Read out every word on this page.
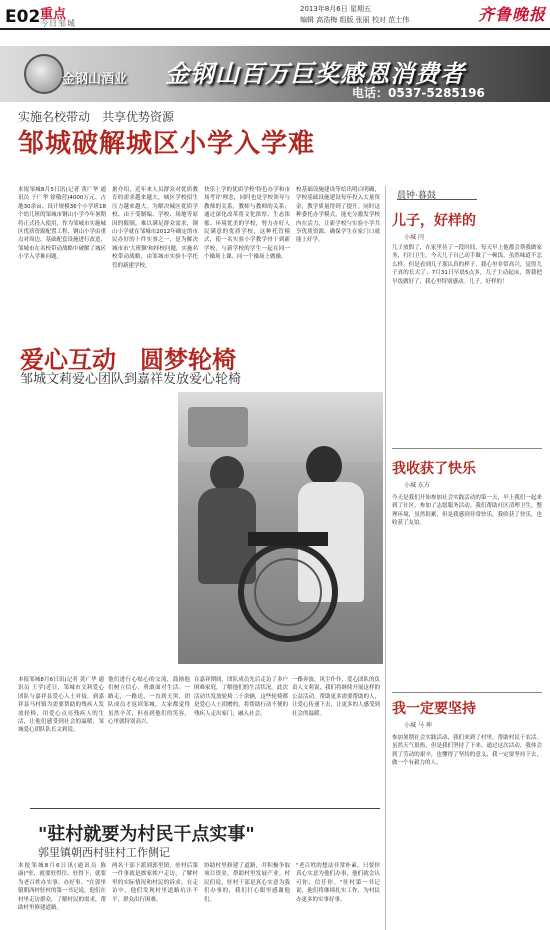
E02 重点
今日邹城
2013年8月6日 星期五
编辑 高浩梅 组版 张丽 校对 范士伟	齐鲁晚报
金钢山酒业 金钢山百万巨奖感恩消费者
电话：0537-5285196
实施名校带动　共享优势资源
邹城破解城区小学入学难
本报邹城8月5日讯(记者 黄广华 通讯员 于广华 徐敬营)4000万元、占地30余亩、设计规模36个小学班18个幼儿班的邹城市钢山小学今年暑期将正式投入使用，作为邹城市实施城区优质资源配置工程，钢山小学由重点对周边、基础配套设施进行改造，邹城市在名校带动战略中破解了城区小学入学难问题。
据介绍，近年来人员群众对优质教育的需求越来越大，城区学校招生压力越来越大。为解决城区优质学校、由于受制编、学校、场地等原因的限制，难以满足群众需求，钢山小学就在邹城市2012年确定的市民办好的十件实事之一，是为解决城市市'大班额'和择校问题，实施名校带动战略，由邹城市实验小学托管的新建学校。
快乐上学的优质学校'特色办学和市场考评'理念，同时也是学校领导与教师的关系，教师与教师的关系；通过深化改革将文化浓厚、生态浓郁、环境优美的学校，努力办好人民满意的优质学校，这种托管模式，使一名实验小学教学骨干到新学校，与新学校的学生一起在同一个操场上课、同一个操场上做操。
校基础设施建设等给出明白明确，学校基础设施建设每年投入大量资金，教学质量得到了提升。同时这种委托办学模式，能充分激发学校内在活力，让新学校与实验小学共享优质资源，确保学生在家门口就能上好学。
爱心互动　圆梦轮椅
邹城文莉爱心团队到嘉祥发放爱心轮椅
本报邹城8月6日讯(记者 黄广华 通讯员 王学)近日，邹城市文莉爱心团队与嘉祥县爱心人士对接，到嘉祥县马村镇为需要帮助的残疾人发放轮椅，用爱心点亮残疾人的生活，让他们感受到社会的温暖，邹城爱心团队队长文莉说。
他们进行心贴心的交流，鼓励他们树立信心，勇敢面对生活。一路走，一路送，一直到天黑，团队成员才返回邹城，大家都觉得虽然辛苦，但看到他们的笑容，心里就特别高兴。
在嘉祥期间，团队成员先后走访了多户困难家庭，了解他们的生活状况。此次活动共发放轮椅二十余辆，这些轮椅都是爱心人士捐赠的，将帮助行动不便的残疾人走出家门，融入社会。
一路奔波，风尘仆仆，爱心团队的负责人文莉说，我们将继续开展这样的公益活动，帮助更多需要帮助的人，让爱心传递下去，让更多的人感受到社会的温暖。
"驻村就要为村民干点实事"
郭里镇朝西村驻村工作侧记
本报邹城8月6日讯(通讯员 陈康)"驻，就要驻得住、驻得下，就要为老百姓办实事、办好事。"在郭里镇朝西村驻村的第一书记说，他们在村里走访群众，了解村民的需求，帮助村里修建道路。
两名干部下派到郭里镇，驻村后第一件事就是挨家挨户走访，了解村里的实际情况和村民的诉求。在走访中，他们发现村里道路坑洼不平，群众出行困难。
协助村里修建了道路，并积极争取项目资金，帮助村里发展产业。村民们说，驻村干部是真心实意为我们办事的，我们打心眼里感谢他们。
"老百姓的想法非常朴素，只要你真心实意为他们办事，他们就会认可你、信任你。"驻村第一书记说，他们将继续扎实工作，为村民办更多的实事好事。
晨钟·暮鼓
儿子，好样的
小城 闫
儿子放假了，在家里待了一段时间，每天早上他都会帮我做家务，打扫卫生。今天儿子自己动手做了一顿饭，虽然味道不怎么样，但是看到儿子那认真的样子，我心里非常高兴，觉得儿子真的长大了。7月31日早晨5点多，儿子主动起床，帮我把早饭做好了，我心里特别感动。儿子，好样的！
我收获了快乐
小城 东方
今天是我们开始参加社会实践活动的第一天，早上我们一起来到了社区，参加了志愿服务活动。我们帮助社区清理卫生，整理环境，虽然很累，但是我感到非常快乐，我收获了快乐，也收获了友谊。
我一定要坚持
小城 马 坤
参加暑期社会实践活动，我们来到了村里，帮助村民干农活。虽然天气很热，但是我们坚持了下来。通过这次活动，我体会到了劳动的艰辛，也懂得了坚持的意义，我一定要坚持下去，做一个有毅力的人。
